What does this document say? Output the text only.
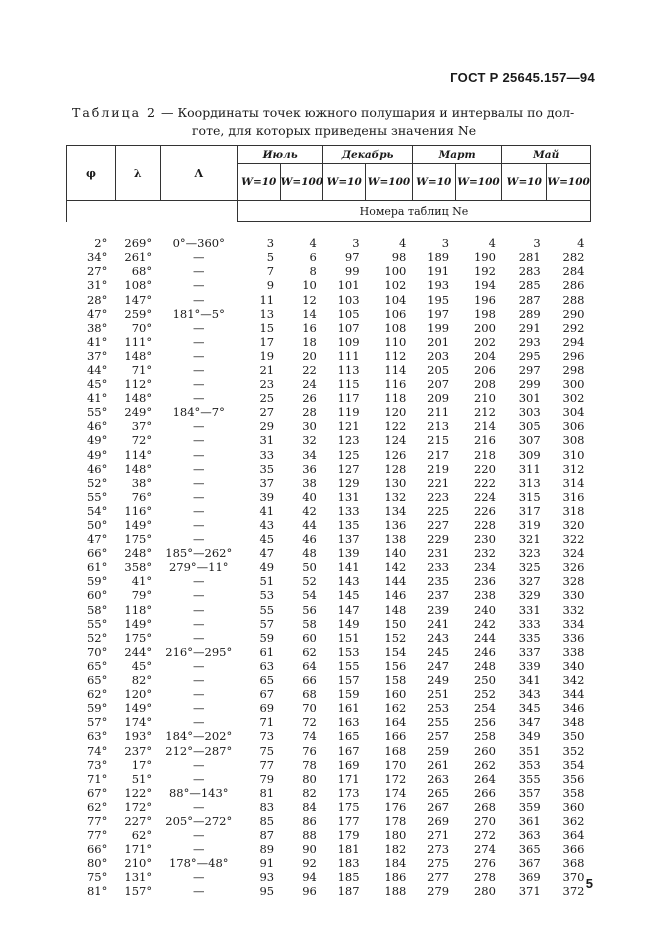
ГОСТ Р 25645.157—94
Таблица 2 — Координаты точек южного полушария и интервалы по дол-
готе, для которых приведены значения Ne
φ	λ	Λ	Июль		Декабрь		Март		Май	
			W=10	W=100	W=10	W=100	W=10	W=100	W=10	W=100
			Номера таблиц Ne							

2°	269°	0°—360°	3	4	3	4	3	4	3	4
34°	261°	—	5	6	97	98	189	190	281	282
27°	68°	—	7	8	99	100	191	192	283	284
31°	108°	—	9	10	101	102	193	194	285	286
28°	147°	—	11	12	103	104	195	196	287	288
47°	259°	181°—5°	13	14	105	106	197	198	289	290
38°	70°	—	15	16	107	108	199	200	291	292
41°	111°	—	17	18	109	110	201	202	293	294
37°	148°	—	19	20	111	112	203	204	295	296
44°	71°	—	21	22	113	114	205	206	297	298
45°	112°	—	23	24	115	116	207	208	299	300
41°	148°	—	25	26	117	118	209	210	301	302
55°	249°	184°—7°	27	28	119	120	211	212	303	304
46°	37°	—	29	30	121	122	213	214	305	306
49°	72°	—	31	32	123	124	215	216	307	308
49°	114°	—	33	34	125	126	217	218	309	310
46°	148°	—	35	36	127	128	219	220	311	312
52°	38°	—	37	38	129	130	221	222	313	314
55°	76°	—	39	40	131	132	223	224	315	316
54°	116°	—	41	42	133	134	225	226	317	318
50°	149°	—	43	44	135	136	227	228	319	320
47°	175°	—	45	46	137	138	229	230	321	322
66°	248°	185°—262°	47	48	139	140	231	232	323	324
61°	358°	279°—11°	49	50	141	142	233	234	325	326
59°	41°	—	51	52	143	144	235	236	327	328
60°	79°	—	53	54	145	146	237	238	329	330
58°	118°	—	55	56	147	148	239	240	331	332
55°	149°	—	57	58	149	150	241	242	333	334
52°	175°	—	59	60	151	152	243	244	335	336
70°	244°	216°—295°	61	62	153	154	245	246	337	338
65°	45°	—	63	64	155	156	247	248	339	340
65°	82°	—	65	66	157	158	249	250	341	342
62°	120°	—	67	68	159	160	251	252	343	344
59°	149°	—	69	70	161	162	253	254	345	346
57°	174°	—	71	72	163	164	255	256	347	348
63°	193°	184°—202°	73	74	165	166	257	258	349	350
74°	237°	212°—287°	75	76	167	168	259	260	351	352
73°	17°	—	77	78	169	170	261	262	353	354
71°	51°	—	79	80	171	172	263	264	355	356
67°	122°	88°—143°	81	82	173	174	265	266	357	358
62°	172°	—	83	84	175	176	267	268	359	360
77°	227°	205°—272°	85	86	177	178	269	270	361	362
77°	62°	—	87	88	179	180	271	272	363	364
66°	171°	—	89	90	181	182	273	274	365	366
80°	210°	178°—48°	91	92	183	184	275	276	367	368
75°	131°	—	93	94	185	186	277	278	369	370
81°	157°	—	95	96	187	188	279	280	371	372
5
